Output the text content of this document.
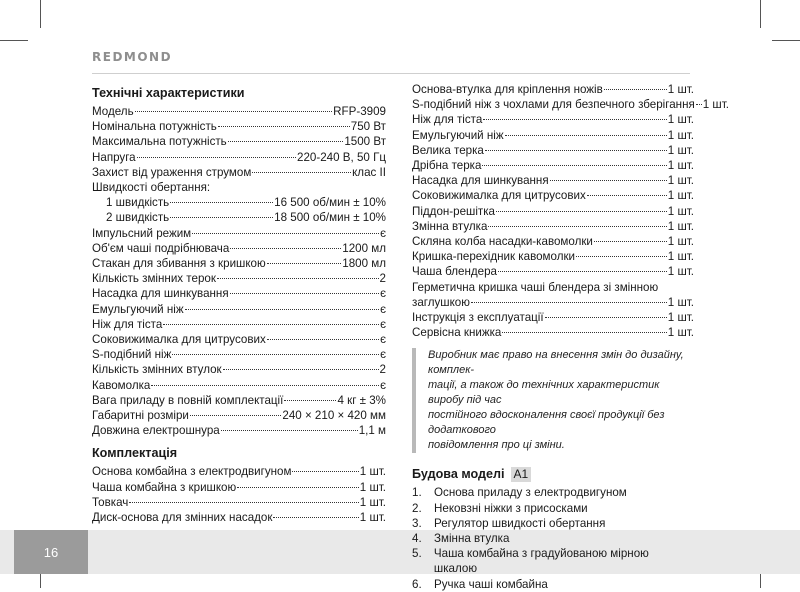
REDMOND
16
Технічні характеристики
Модель	RFP-3909
Номінальна потужність	750 Вт
Максимальна потужність	1500 Вт
Напруга	220-240 В, 50 Гц
Захист від ураження струмом	клас II
Швидкості обертання:
1 швидкість	16 500 об/мин ± 10%
2 швидкість	18 500 об/мин ± 10%
Імпульсний режим	є
Об'єм чаші подрібнювача	1200 мл
Стакан для збивання з кришкою	1800 мл
Кількість змінних терок	2
Насадка для шинкування	є
Емульгуючий ніж	є
Ніж для тіста	є
Соковижималка для цитрусових	є
S-подібний ніж	є
Кількість змінних втулок	2
Кавомолка	є
Вага приладу в повній комплектації	4 кг ± 3%
Габаритні розміри	240 × 210 × 420 мм
Довжина електрошнура	1,1 м
Комплектація
Основа комбайна з електродвигуном	1 шт.
Чаша комбайна з кришкою	1 шт.
Товкач	1 шт.
Диск-основа для змінних насадок	1 шт.
Основа-втулка для кріплення ножів	1 шт.
S-подібний ніж з чохлами для безпечного зберігання 1 шт.
Ніж для тіста	1 шт.
Емульгуючий ніж	1 шт.
Велика терка	1 шт.
Дрібна терка	1 шт.
Насадка для шинкування	1 шт.
Соковижималка для цитрусових	1 шт.
Піддон-решітка	1 шт.
Змінна втулка	1 шт.
Скляна колба насадки-кавомолки	1 шт.
Кришка-перехідник кавомолки	1 шт.
Чаша блендера	1 шт.
Герметична кришка чаші блендера зі змінною
заглушкою	1 шт.
Інструкція з експлуатації	1 шт.
Сервісна книжка	1 шт.
Виробник має право на внесення змін до дизайну, комплек-
тації, а також до технічних характеристик виробу під час
постійного вдосконалення своєї продукції без додаткового
повідомлення про ці зміни.
Будова моделі A1
1.	Основа приладу з електродвигуном
2.	Нековзні ніжки з присосками
3.	Регулятор швидкості обертання
4.	Змінна втулка
5.	Чаша комбайна з градуйованою мірною шкалою
6.	Ручка чаші комбайна
